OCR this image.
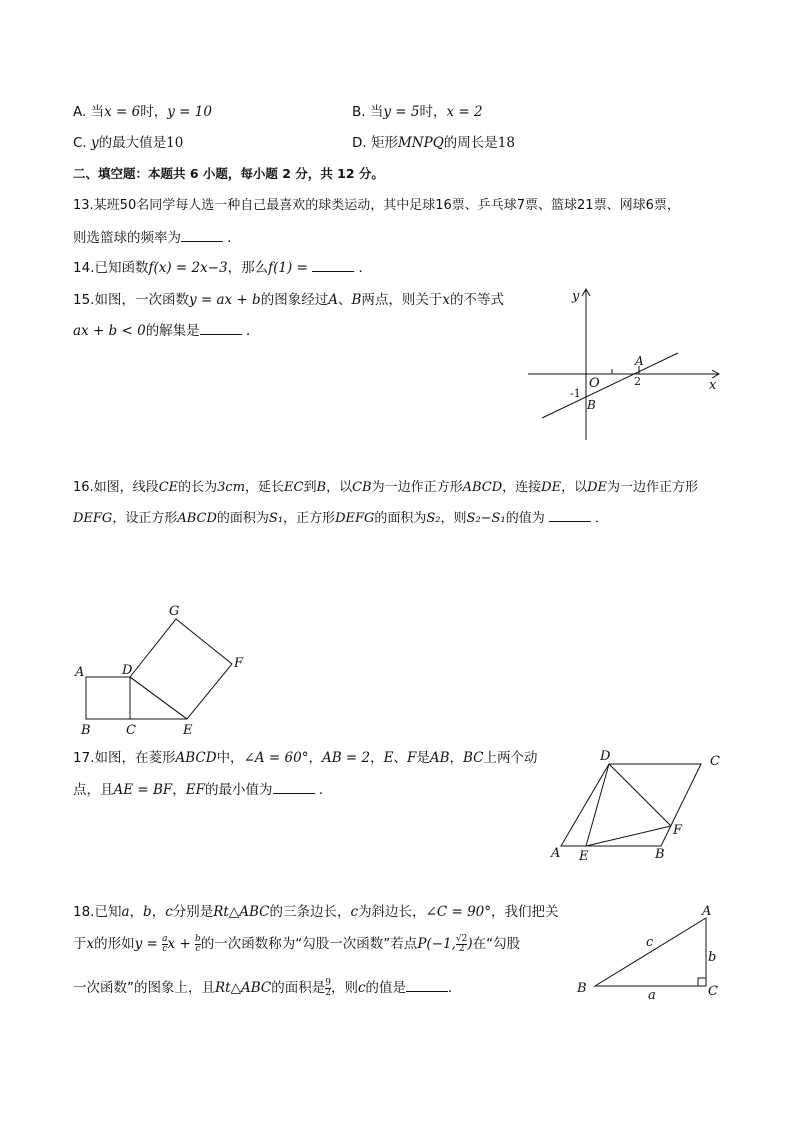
A. 当x = 6时，y = 10	B. 当y = 5时，x = 2
C. y的最大值是10	D. 矩形MNPQ的周长是18
二、填空题：本题共 6 小题，每小题 2 分，共 12 分。
13.某班50名同学每人选一种自己最喜欢的球类运动，其中足球16票、乒乓球7票、篮球21票、网球6票，
则选篮球的频率为	．
14.已知函数f(x) = 2x−3，那么f(1) =	．
15.如图，一次函数y = ax + b的图象经过A、B两点，则关于x的不等式
ax + b < 0的解集是	．
y
x
O
A
B
-1
2
16.如图，线段CE的长为3cm，延长EC到B，以CB为一边作正方形ABCD，连接DE，以DE为一边作正方形
DEFG，设正方形ABCD的面积为S₁，正方形DEFG的面积为S₂，则S₂−S₁的值为	．
G
F
A	D
B	C	E
17.如图，在菱形ABCD中，∠A = 60°，AB = 2，E、F是AB，BC上两个动
点，且AE = BF，EF的最小值为	．
D	C
F
A E	B
18.已知a，b，c分别是Rt△ABC的三条边长，c为斜边长，∠C = 90°，我们把关
于x的形如$y = \frac{a}{c}$ $x + \frac{b}{c}$ 的一次函数称为“勾股一次函数”若点P(−1, $\frac{√2}{2}$ )在“勾股
一次函数”的图象上，且Rt△ABC的面积是 $\frac{9}{2}$ ，则c的值是	．
A
B	C
c
b
a
